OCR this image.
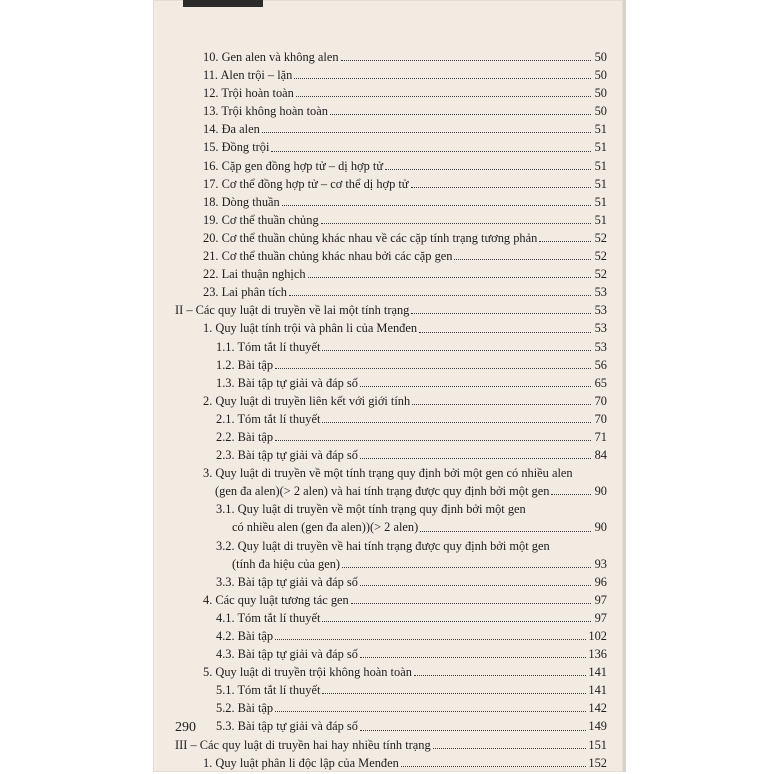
10. Gen alen và không alen	50
11. Alen trội – lặn	50
12. Trội hoàn toàn	50
13. Trội không hoàn toàn	50
14. Đa alen	51
15. Đồng trội	51
16. Cặp gen đồng hợp tử – dị hợp tử	51
17. Cơ thể đồng hợp tử – cơ thể dị hợp tử	51
18. Dòng thuần	51
19. Cơ thể thuần chủng	51
20. Cơ thể thuần chủng khác nhau về các cặp tính trạng tương phản	52
21. Cơ thể thuần chủng khác nhau bởi các cặp gen	52
22. Lai thuận nghịch	52
23. Lai phân tích	53
II – Các quy luật di truyền về lai một tính trạng	53
1. Quy luật tính trội và phân li của Menđen	53
1.1. Tóm tắt lí thuyết	53
1.2. Bài tập	56
1.3. Bài tập tự giải và đáp số	65
2. Quy luật di truyền liên kết với giới tính	70
2.1. Tóm tắt lí thuyết	70
2.2. Bài tập	71
2.3. Bài tập tự giải và đáp số	84
3. Quy luật di truyền về một tính trạng quy định bởi một gen có nhiều alen
(gen đa alen)(> 2 alen) và hai tính trạng được quy định bởi một gen	90
3.1. Quy luật di truyền về một tính trạng quy định bởi một gen
có nhiều alen (gen đa alen))(> 2 alen)	90
3.2. Quy luật di truyền về hai tính trạng được quy định bởi một gen
(tính đa hiệu của gen)	93
3.3. Bài tập tự giải và đáp số	96
4. Các quy luật tương tác gen	97
4.1. Tóm tắt lí thuyết	97
4.2. Bài tập	102
4.3. Bài tập tự giải và đáp số	136
5. Quy luật di truyền trội không hoàn toàn	141
5.1. Tóm tắt lí thuyết	141
5.2. Bài tập	142
5.3. Bài tập tự giải và đáp số	149
III – Các quy luật di truyền hai hay nhiều tính trạng	151
1. Quy luật phân li độc lập của Menđen	152
290
